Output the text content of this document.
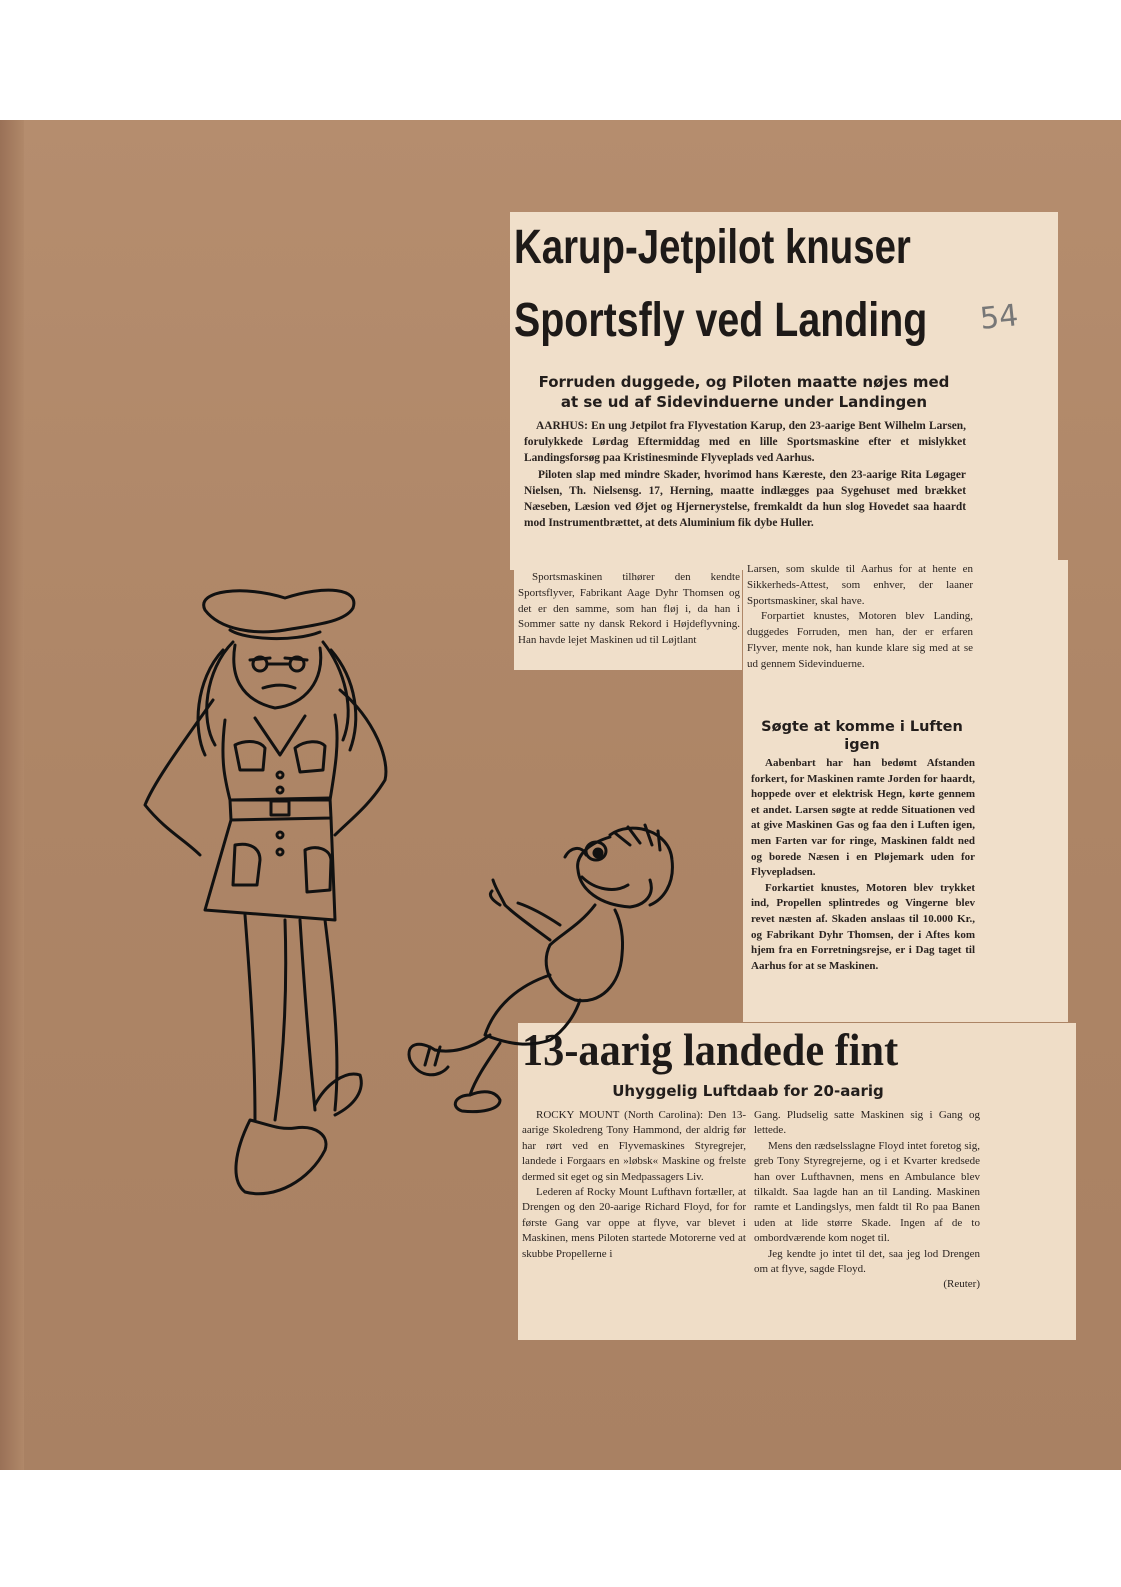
Karup-Jetpilot knuser
Sportsfly ved Landing
Forruden duggede, og Piloten maatte nøjes med
at se ud af Sidevinduerne under Landingen

AARHUS: En ung Jetpilot fra Flyvestation Karup, den 23-aarige Bent Wilhelm Larsen, forulykkede Lørdag Eftermiddag med en lille Sportsmaskine efter et mislykket Landingsforsøg paa Kristinesminde Flyveplads ved Aarhus.

Piloten slap med mindre Skader, hvorimod hans Kæreste, den 23-aarige Rita Løgager Nielsen, Th. Nielsensg. 17, Herning, maatte indlægges paa Sygehuset med brækket Næseben, Læsion ved Øjet og Hjernerystelse, fremkaldt da hun slog Hovedet saa haardt mod Instrumentbrættet, at dets Aluminium fik dybe Huller.

Sportsmaskinen tilhører den kendte Sportsflyver, Fabrikant Aage Dyhr Thomsen og det er den samme, som han fløj i, da han i Sommer satte ny dansk Rekord i Højdeflyvning. Han havde lejet Maskinen ud til Løjtlant

Larsen, som skulde til Aarhus for at hente en Sikkerheds-Attest, som enhver, der laaner Sportsmaskiner, skal have.

Forpartiet knustes, Motoren blev Landing, duggedes Forruden, men han, der er erfaren Flyver, mente nok, han kunde klare sig med at se ud gennem Sidevinduerne.

Søgte at komme i Luften igen

Aabenbart har han bedømt Afstanden forkert, for Maskinen ramte Jorden for haardt, hoppede over et elektrisk Hegn, kørte gennem et andet. Larsen søgte at redde Situationen ved at give Maskinen Gas og faa den i Luften igen, men Farten var for ringe, Maskinen faldt ned og borede Næsen i en Pløjemark uden for Flyvepladsen.

Forkartiet knustes, Motoren blev trykket ind, Propellen splintredes og Vingerne blev revet næsten af. Skaden anslaas til 10.000 Kr., og Fabrikant Dyhr Thomsen, der i Aftes kom hjem fra en Forretningsrejse, er i Dag taget til Aarhus for at se Maskinen.

13-aarig landede fint
Uhyggelig Luftdaab for 20-aarig

ROCKY MOUNT (North Carolina): Den 13-aarige Skoledreng Tony Hammond, der aldrig før har rørt ved en Flyvemaskines Styregrejer, landede i Forgaars en »løbsk« Maskine og frelste dermed sit eget og sin Medpassagers Liv.

Lederen af Rocky Mount Lufthavn fortæller, at Drengen og den 20-aarige Richard Floyd, for for første Gang var oppe at flyve, var blevet i Maskinen, mens Piloten startede Motorerne ved at skubbe Propellerne i

Gang. Pludselig satte Maskinen sig i Gang og lettede.

Mens den rædselsslagne Floyd intet foretog sig, greb Tony Styregrejerne, og i et Kvarter kredsede han over Lufthavnen, mens en Ambulance blev tilkaldt. Saa lagde han an til Landing. Maskinen ramte et Landingslys, men faldt til Ro paa Banen uden at lide større Skade. Ingen af de to ombordværende kom noget til.

Jeg kendte jo intet til det, saa jeg lod Drengen om at flyve, sagde Floyd.

(Reuter)
54
